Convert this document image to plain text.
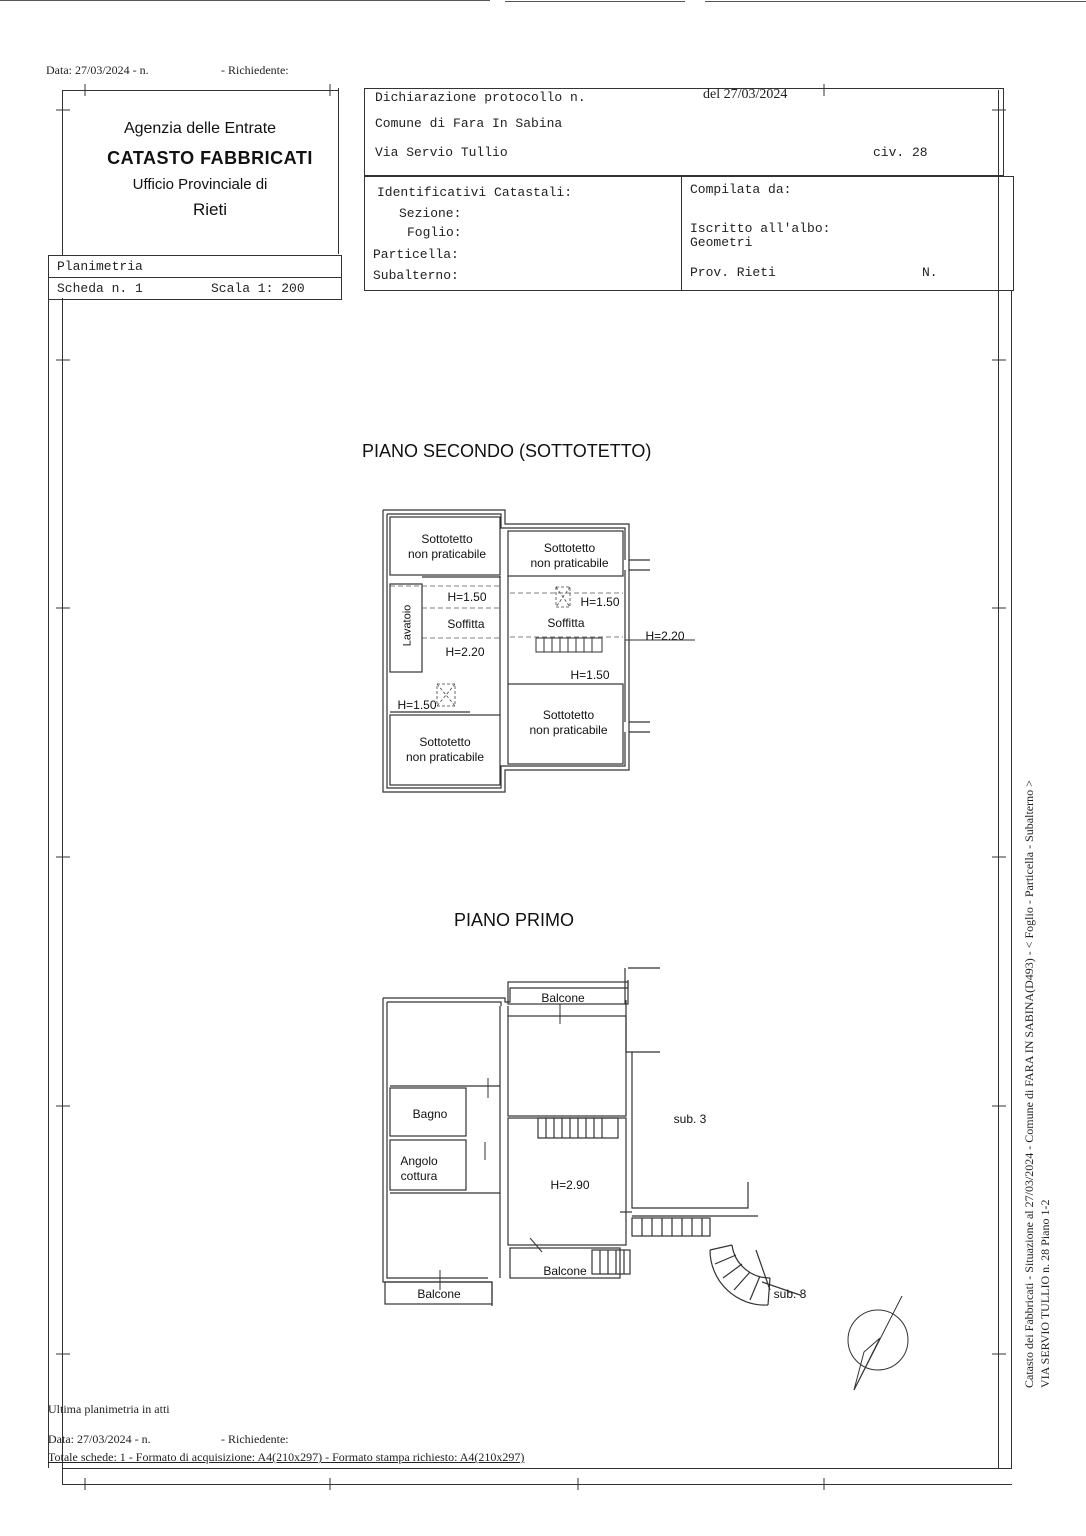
Data: 27/03/2024 - n.	- Richiedente:
Agenzia delle Entrate
CATASTO FABBRICATI
Ufficio Provinciale di
Rieti
Planimetria
Scheda n. 1	Scala 1: 200
Dichiarazione protocollo n.	del 27/03/2024
Comune di Fara In Sabina
Via Servio Tullio	civ. 28
Identificativi Catastali:
Sezione:
Foglio:
Particella:
Subalterno:
Compilata da:
Iscritto all'albo:
Geometri
Prov. Rieti	N.
PIANO SECONDO (SOTTOTETTO)
Sottotetto
non praticabile	Sottotetto
non praticabile
Sottotetto
non praticabile
Sottotetto
non praticabile
Lavatoio	Soffitta	Soffitta
H=1.50
H=2.20
H=1.50
H=1.50
H=2.20
H=1.50
PIANO PRIMO
Balcone
Bagno
Angolo
cottura
H=2.90
Balcone
Balcone
sub. 3
sub. 8	Catasto dei Fabbricati - Situazione al 27/03/2024 - Comune di FARA IN SABINA(D493) - < Foglio - Particella - Subalterno > VIA SERVIO TULLIO n. 28 Piano 1-2
Ultima planimetria in atti
Data: 27/03/2024 - n.	- Richiedente:
Totale schede: 1 - Formato di acquisizione: A4(210x297) - Formato stampa richiesto: A4(210x297)
